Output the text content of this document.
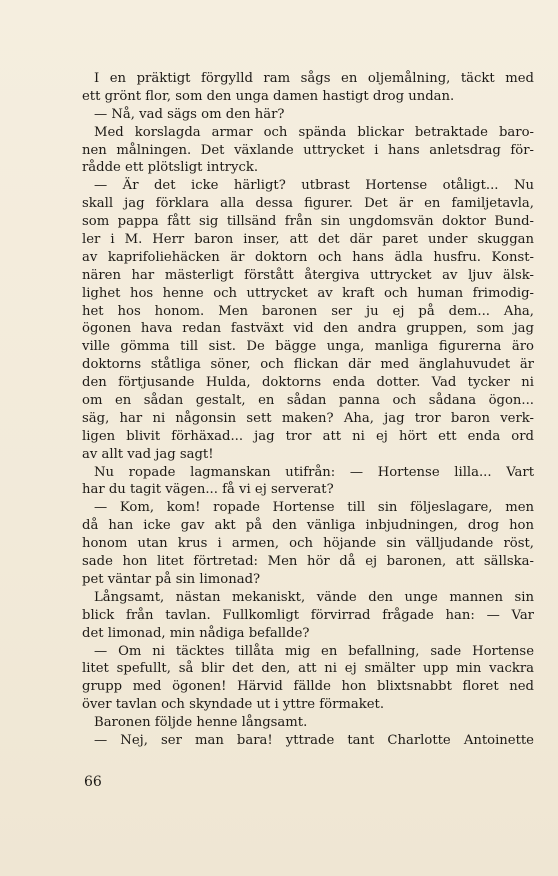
I en präktigt förgylld ram sågs en oljemålning, täckt med
ett grönt flor, som den unga damen hastigt drog undan.
— Nå, vad sägs om den här?
Med korslagda armar och spända blickar betraktade baro-
nen målningen. Det växlande uttrycket i hans anletsdrag för-
rådde ett plötsligt intryck.
— Är det icke härligt? utbrast Hortense otåligt... Nu
skall jag förklara alla dessa figurer. Det är en familjetavla,
som pappa fått sig tillsänd från sin ungdomsvän doktor Bund-
ler i M. Herr baron inser, att det där paret under skuggan
av kaprifoliehäcken är doktorn och hans ädla husfru. Konst-
nären har mästerligt förstått återgiva uttrycket av ljuv älsk-
lighet hos henne och uttrycket av kraft och human frimodig-
het hos honom. Men baronen ser ju ej på dem... Aha,
ögonen hava redan fastväxt vid den andra gruppen, som jag
ville gömma till sist. De bägge unga, manliga figurerna äro
doktorns ståtliga söner, och flickan där med änglahuvudet är
den förtjusande Hulda, doktorns enda dotter. Vad tycker ni
om en sådan gestalt, en sådan panna och sådana ögon...
säg, har ni någonsin sett maken? Aha, jag tror baron verk-
ligen blivit förhäxad... jag tror att ni ej hört ett enda ord
av allt vad jag sagt!
Nu ropade lagmanskan utifrån: — Hortense lilla... Vart
har du tagit vägen... få vi ej serverat?
— Kom, kom! ropade Hortense till sin följeslagare, men
då han icke gav akt på den vänliga inbjudningen, drog hon
honom utan krus i armen, och höjande sin välljudande röst,
sade hon litet förtretad: Men hör då ej baronen, att sällska-
pet väntar på sin limonad?
Långsamt, nästan mekaniskt, vände den unge mannen sin
blick från tavlan. Fullkomligt förvirrad frågade han: — Var
det limonad, min nådiga befallde?
— Om ni täcktes tillåta mig en befallning, sade Hortense
litet spefullt, så blir det den, att ni ej smälter upp min vackra
grupp med ögonen! Härvid fällde hon blixtsnabbt floret ned
över tavlan och skyndade ut i yttre förmaket.
Baronen följde henne långsamt.
— Nej, ser man bara! yttrade tant Charlotte Antoinette
66
